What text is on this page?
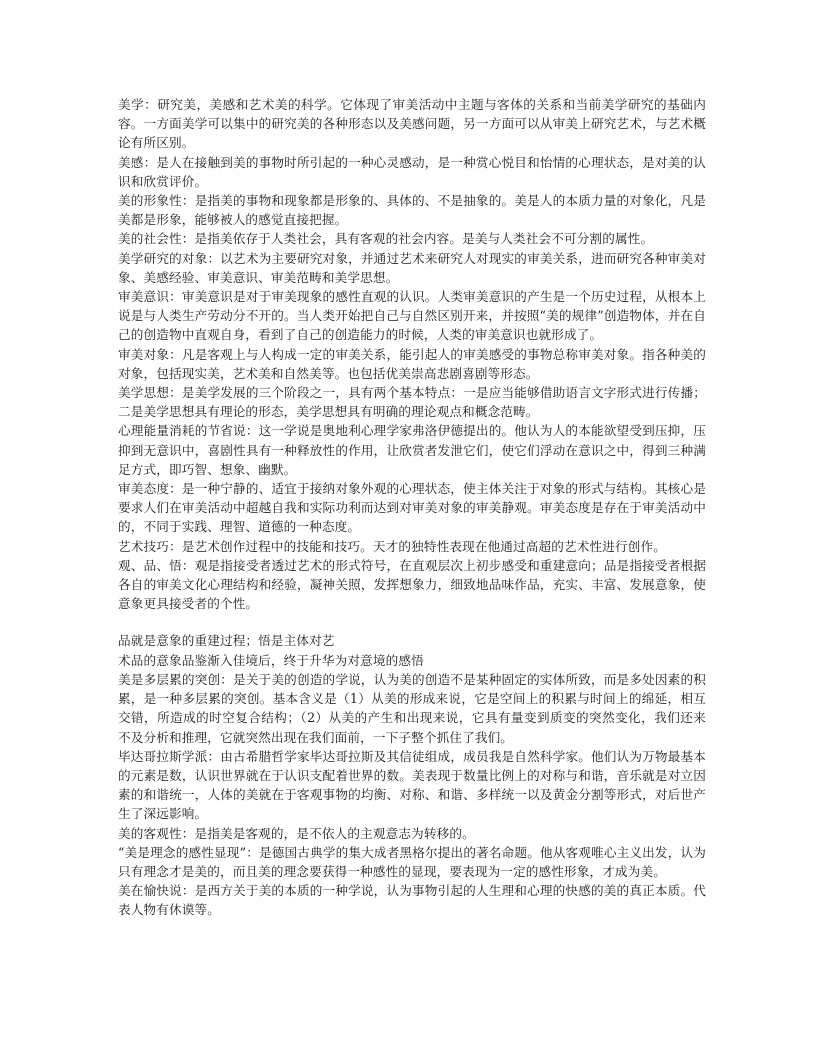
美学：研究美，美感和艺术美的科学。它体现了审美活动中主题与客体的关系和当前美学研究的基础内容。一方面美学可以集中的研究美的各种形态以及美感问题，另一方面可以从审美上研究艺术，与艺术概论有所区别。

美感：是人在接触到美的事物时所引起的一种心灵感动，是一种赏心悦目和怡情的心理状态，是对美的认识和欣赏评价。

美的形象性：是指美的事物和现象都是形象的、具体的、不是抽象的。美是人的本质力量的对象化，凡是美都是形象，能够被人的感觉直接把握。

美的社会性：是指美依存于人类社会，具有客观的社会内容。是美与人类社会不可分割的属性。

美学研究的对象：以艺术为主要研究对象，并通过艺术来研究人对现实的审美关系，进而研究各种审美对象、美感经验、审美意识、审美范畴和美学思想。

审美意识：审美意识是对于审美现象的感性直观的认识。人类审美意识的产生是一个历史过程，从根本上说是与人类生产劳动分不开的。当人类开始把自己与自然区别开来，并按照“美的规律”创造物体，并在自己的创造物中直观自身，看到了自己的创造能力的时候，人类的审美意识也就形成了。

审美对象：凡是客观上与人构成一定的审美关系，能引起人的审美感受的事物总称审美对象。指各种美的对象，包括现实美，艺术美和自然美等。也包括优美崇高悲剧喜剧等形态。

美学思想：是美学发展的三个阶段之一，具有两个基本特点：一是应当能够借助语言文字形式进行传播；二是美学思想具有理论的形态，美学思想具有明确的理论观点和概念范畴。

心理能量消耗的节省说：这一学说是奥地利心理学家弗洛伊德提出的。他认为人的本能欲望受到压抑，压抑到无意识中，喜剧性具有一种释放性的作用，让欣赏者发泄它们，使它们浮动在意识之中，得到三种满足方式，即巧智、想象、幽默。

审美态度：是一种宁静的、适宜于接纳对象外观的心理状态，使主体关注于对象的形式与结构。其核心是要求人们在审美活动中超越自我和实际功利而达到对审美对象的审美静观。审美态度是存在于审美活动中的，不同于实践、理智、道德的一种态度。

艺术技巧：是艺术创作过程中的技能和技巧。天才的独特性表现在他通过高超的艺术性进行创作。

观、品、悟：观是指接受者透过艺术的形式符号，在直观层次上初步感受和重建意向；品是指接受者根据各自的审美文化心理结构和经验，凝神关照，发挥想象力，细致地品味作品，充实、丰富、发展意象，使意象更具接受者的个性。

品就是意象的重建过程；悟是主体对艺

术品的意象品鉴渐入佳境后，终于升华为对意境的感悟

美是多层累的突创：是关于美的创造的学说，认为美的创造不是某种固定的实体所致，而是多处因素的积累，是一种多层累的突创。基本含义是（1）从美的形成来说，它是空间上的积累与时间上的绵延，相互交错，所造成的时空复合结构；（2）从美的产生和出现来说，它具有量变到质变的突然变化，我们还来不及分析和推理，它就突然出现在我们面前，一下子整个抓住了我们。

毕达哥拉斯学派：由古希腊哲学家毕达哥拉斯及其信徒组成，成员我是自然科学家。他们认为万物最基本的元素是数，认识世界就在于认识支配着世界的数。美表现于数量比例上的对称与和谐，音乐就是对立因素的和谐统一，人体的美就在于客观事物的均衡、对称、和谐、多样统一以及黄金分割等形式，对后世产生了深远影响。

美的客观性：是指美是客观的，是不依人的主观意志为转移的。

“美是理念的感性显现”：是德国古典学的集大成者黑格尔提出的著名命题。他从客观唯心主义出发，认为只有理念才是美的，而且美的理念要获得一种感性的显现，要表现为一定的感性形象，才成为美。

美在愉快说：是西方关于美的本质的一种学说，认为事物引起的人生理和心理的快感的美的真正本质。代表人物有休谟等。
